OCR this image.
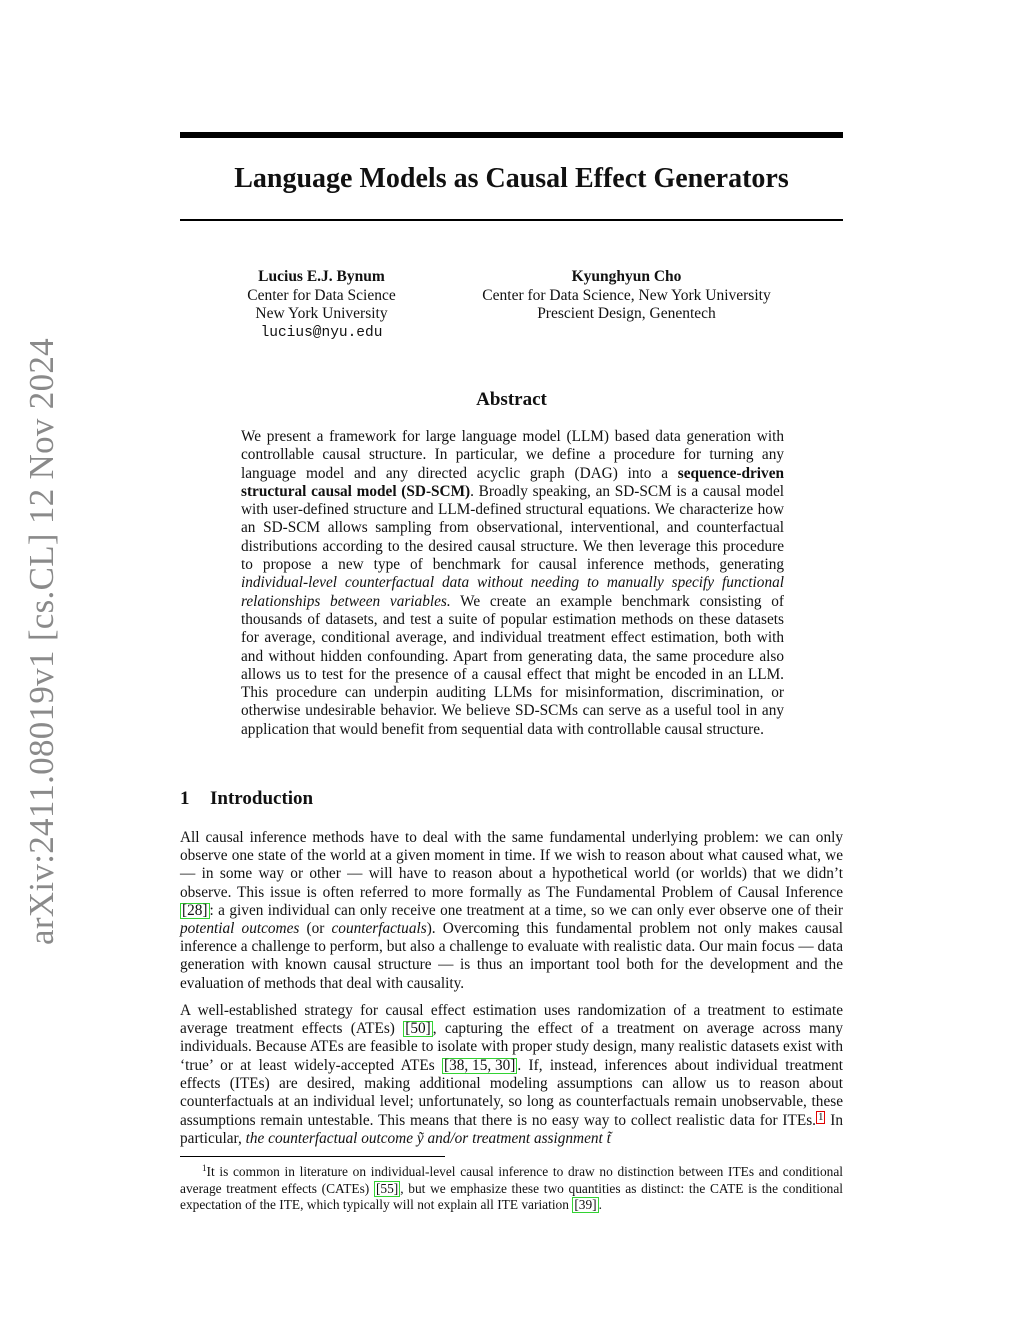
arXiv:2411.08019v1 [cs.CL] 12 Nov 2024
Language Models as Causal Effect Generators
Lucius E.J. Bynum
Center for Data Science
New York University
lucius@nyu.edu
Kyunghyun Cho
Center for Data Science, New York University
Prescient Design, Genentech
Abstract

We present a framework for large language model (LLM) based data generation with controllable causal structure. In particular, we define a procedure for turning any language model and any directed acyclic graph (DAG) into a sequence-driven structural causal model (SD-SCM). Broadly speaking, an SD-SCM is a causal model with user-defined structure and LLM-defined structural equations. We characterize how an SD-SCM allows sampling from observational, interventional, and counterfactual distributions according to the desired causal structure. We then leverage this procedure to propose a new type of benchmark for causal inference methods, generating individual-level counterfactual data without needing to manually specify functional relationships between variables. We create an example benchmark consisting of thousands of datasets, and test a suite of popular estimation methods on these datasets for average, conditional average, and individual treatment effect estimation, both with and without hidden confounding. Apart from generating data, the same procedure also allows us to test for the presence of a causal effect that might be encoded in an LLM. This procedure can underpin auditing LLMs for misinformation, discrimination, or otherwise undesirable behavior. We believe SD-SCMs can serve as a useful tool in any application that would benefit from sequential data with controllable causal structure.

1 Introduction

All causal inference methods have to deal with the same fundamental underlying problem: we can only observe one state of the world at a given moment in time. If we wish to reason about what caused what, we — in some way or other — will have to reason about a hypothetical world (or worlds) that we didn’t observe. This issue is often referred to more formally as The Fundamental Problem of Causal Inference [28] : a given individual can only receive one treatment at a time, so we can only ever observe one of their potential outcomes (or counterfactuals). Overcoming this fundamental problem not only makes causal inference a challenge to perform, but also a challenge to evaluate with realistic data. Our main focus — data generation with known causal structure — is thus an important tool both for the development and the evaluation of methods that deal with causality.

A well-established strategy for causal effect estimation uses randomization of a treatment to estimate average treatment effects (ATEs) [50] , capturing the effect of a treatment on average across many individuals. Because ATEs are feasible to isolate with proper study design, many realistic datasets exist with ‘true’ or at least widely-accepted ATEs [38, 15, 30] . If, instead, inferences about individual treatment effects (ITEs) are desired, making additional modeling assumptions can allow us to reason about counterfactuals at an individual level; unfortunately, so long as counterfactuals remain unobservable, these assumptions remain untestable. This means that there is no easy way to collect realistic data for ITEs. 1 In particular, the counterfactual outcome ỹ and/or treatment assignment t̃

$^1$It is common in literature on individual-level causal inference to draw no distinction between ITEs and conditional average treatment effects (CATEs) [55] , but we emphasize these two quantities as distinct: the CATE is the conditional expectation of the ITE, which typically will not explain all ITE variation [39] .
